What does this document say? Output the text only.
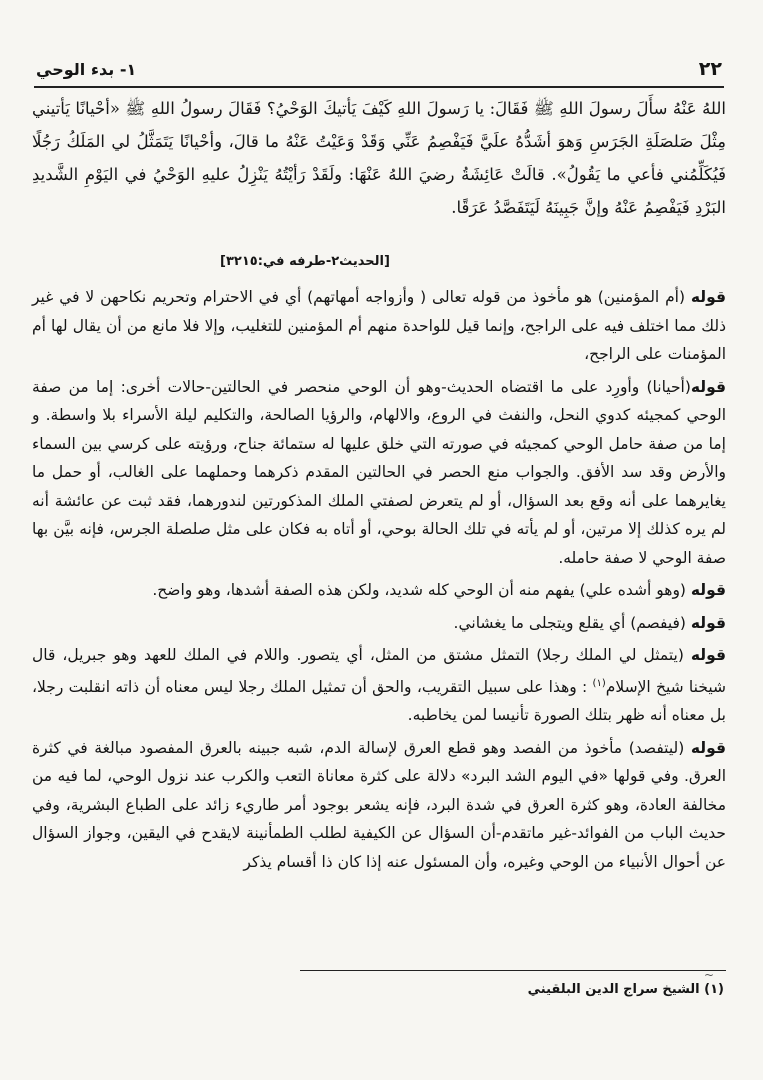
٢٢
١- بدء الوحي

اللهُ عَنْهُ سأَلَ رسولَ اللهِ ﷺ فَقَالَ: يا رَسولَ اللهِ كَيْفَ يَأتيكَ الوَحْيُ؟ فَقَالَ رسولُ اللهِ ﷺ «أحْيانًا يَأتيني مِثْلَ صَلصَلَةِ الجَرَسِ وَهوَ أشَدُّهُ علَيَّ فَيَفْصِمُ عَنِّي وَقَدْ وَعَيْتُ عَنْهُ ما قالَ، وأحْيانًا يَتَمَثَّلُ لي المَلَكُ رَجُلًا فَيُكَلِّمُني فأعي ما يَقُولُ». قالَتْ عَائِشَةُ رضيَ اللهُ عَنْهَا: ولَقَدْ رَأيْتُهُ يَنْزِلُ عليهِ الوَحْيُ في اليَوْمِ الشَّديدِ البَرْدِ فَيَفْصِمُ عَنْهُ وإنَّ جَبِينَهُ لَيَتَفَصَّدُ عَرَقًا.

[الحديث٢-طرفه في:٣٢١٥]

قوله (أم المؤمنين) هو مأخوذ من قوله تعالى ( وأزواجه أمهاتهم) أي في الاحترام وتحريم نكاحهن لا في غير ذلك مما اختلف فيه على الراجح، وإنما قيل للواحدة منهم أم المؤمنين للتغليب، وإلا فلا مانع من أن يقال لها أم المؤمنات على الراجح،

قوله(أحيانا) وأورِد على ما اقتضاه الحديث-وهو أن الوحي منحصر في الحالتين-حالات أخرى: إما من صفة الوحي كمجيئه كدوي النحل، والنفث في الروع، والالهام، والرؤيا الصالحة، والتكليم ليلة الأسراء بلا واسطة. و إما من صفة حامل الوحي كمجيئه في صورته التي خلق عليها له ستمائة جناح، ورؤيته على كرسي بين السماء والأرض وقد سد الأفق. والجواب منع الحصر في الحالتين المقدم ذكرهما وحملهما على الغالب، أو حمل ما يغايرهما على أنه وقع بعد السؤال، أو لم يتعرض لصفتي الملك المذكورتين لندورهما، فقد ثبت عن عائشة أنه لم يره كذلك إلا مرتين، أو لم يأته في تلك الحالة بوحي، أو أتاه به فكان على مثل صلصلة الجرس، فإنه بيَّن بها صفة الوحي لا صفة حامله.

قوله (وهو أشده علي) يفهم منه أن الوحي كله شديد، ولكن هذه الصفة أشدها، وهو واضح.

قوله (فيفصم) أي يقلع ويتجلى ما يغشاني.

قوله (يتمثل لي الملك رجلا) التمثل مشتق من المثل، أي يتصور. واللام في الملك للعهد وهو جبريل، قال شيخنا شيخ الإسلام$^{(١)}$ : وهذا على سبيل التقريب، والحق أن تمثيل الملك رجلا ليس معناه أن ذاته انقلبت رجلا، بل معناه أنه ظهر بتلك الصورة تأنيسا لمن يخاطبه.

قوله (ليتفصد) مأخوذ من الفصد وهو قطع العرق لإسالة الدم، شبه جبينه بالعرق المفصود مبالغة في كثرة العرق. وفي قولها «في اليوم الشد البرد» دلالة على كثرة معاناة التعب والكرب عند نزول الوحي، لما فيه من مخالفة العادة، وهو كثرة العرق في شدة البرد، فإنه يشعر بوجود أمر طاريء زائد على الطباع البشرية، وفي حديث الباب من الفوائد-غير ماتقدم-أن السؤال عن الكيفية لطلب الطمأنينة لايقدح في اليقين، وجواز السؤال عن أحوال الأنبياء من الوحي وغيره، وأن المسئول عنه إذا كان ذا أقسام يذكر

~
(١) الشيخ سراج الدين البلقيني
